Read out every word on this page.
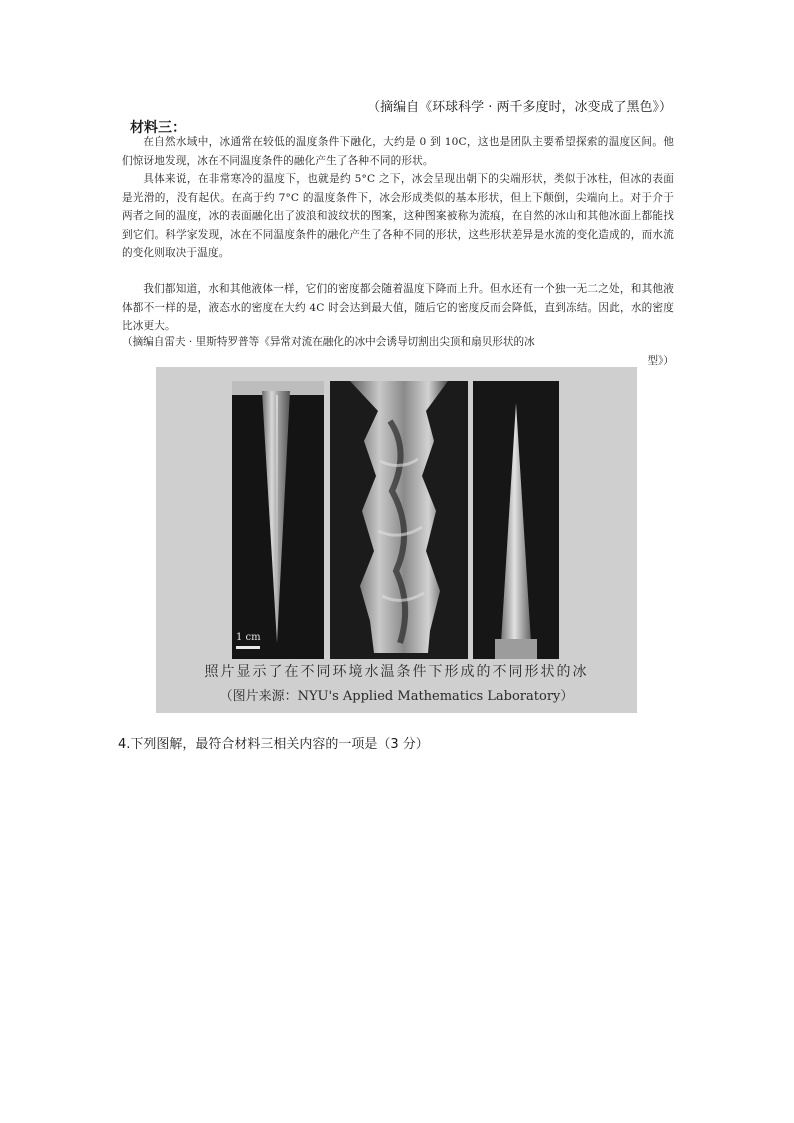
（摘编自《环球科学 · 两千多度时，冰变成了黑色》）
材料三：

在自然水域中，冰通常在较低的温度条件下融化，大约是 0 到 10C，这也是团队主要希望探索的温度区间。他们惊讶地发现，冰在不同温度条件的融化产生了各种不同的形状。

具体来说，在非常寒冷的温度下，也就是约 5°C 之下，冰会呈现出朝下的尖端形状，类似于冰柱，但冰的表面是光滑的，没有起伏。在高于约 7°C 的温度条件下，冰会形成类似的基本形状，但上下颠倒，尖端向上。对于介于两者之间的温度，冰的表面融化出了波浪和波纹状的图案，这种图案被称为流痕，在自然的冰山和其他冰面上都能找到它们。科学家发现，冰在不同温度条件的融化产生了各种不同的形状，这些形状差异是水流的变化造成的，而水流的变化则取决于温度。

我们都知道，水和其他液体一样，它们的密度都会随着温度下降而上升。但水还有一个独一无二之处，和其他液体都不一样的是，液态水的密度在大约 4C 时会达到最大值，随后它的密度反而会降低，直到冻结。因此，水的密度比冰更大。

（摘编自雷夫 · 里斯特罗普等《异常对流在融化的冰中会诱导切割出尖顶和扇贝形状的冰
型》）
1 cm
照片显示了在不同环境水温条件下形成的不同形状的冰
（图片来源：NYU's Applied Mathematics Laboratory）
4.下列图解，最符合材料三相关内容的一项是（3 分）
